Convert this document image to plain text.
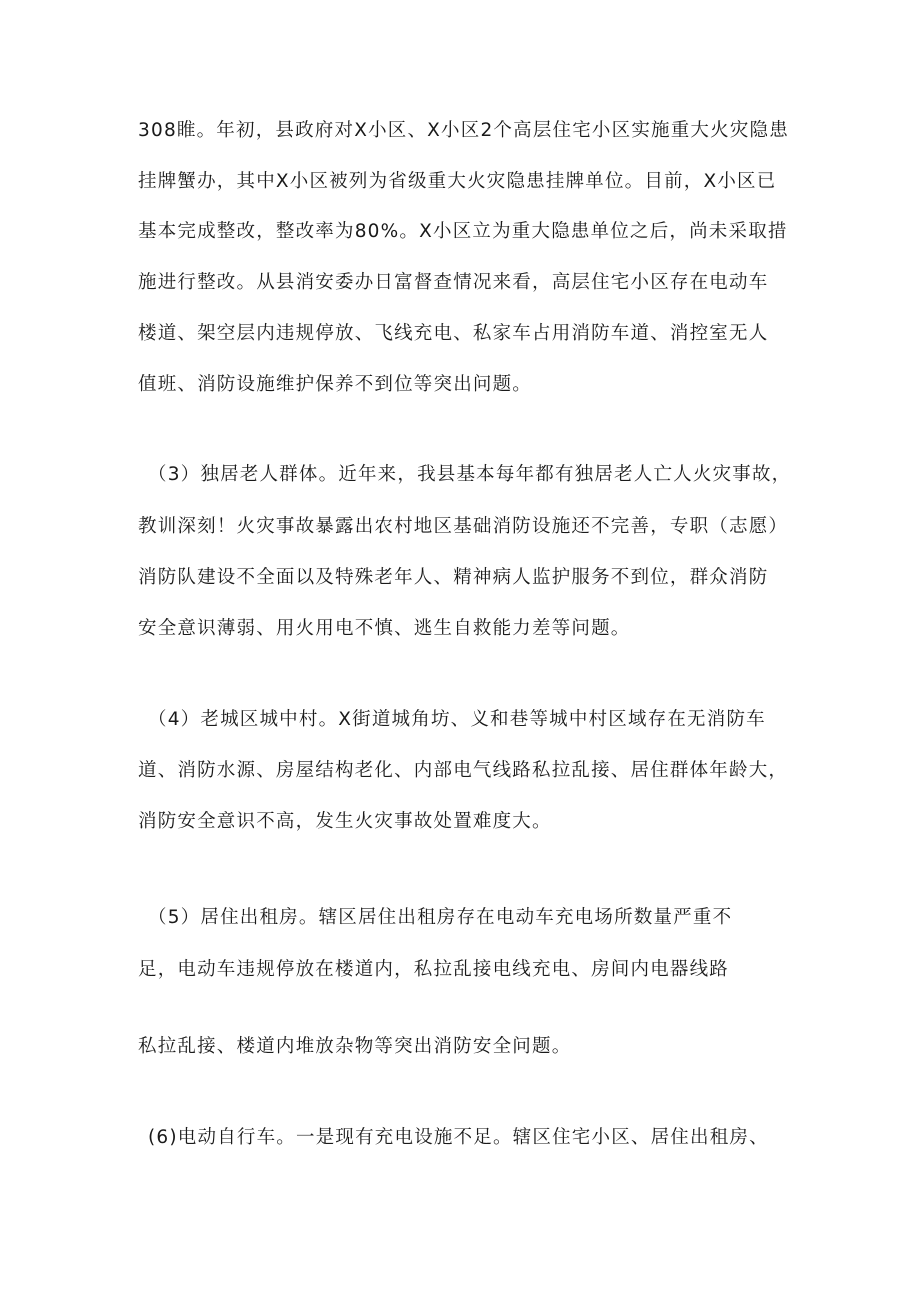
308睢。年初，县政府对X小区、X小区2个高层住宅小区实施重大火灾隐患
挂牌蟹办，其中X小区被列为省级重大火灾隐患挂牌单位。目前，X小区已
基本完成整改，整改率为80%。X小区立为重大隐患单位之后，尚未采取措
施进行整改。从县消安委办日富督查情况来看，高层住宅小区存在电动车
楼道、架空层内违规停放、飞线充电、私家车占用消防车道、消控室无人
值班、消防设施维护保养不到位等突出问题。
（3）独居老人群体。近年来，我县基本每年都有独居老人亡人火灾事故，
教训深刻！火灾事故暴露出农村地区基础消防设施还不完善，专职（志愿）
消防队建设不全面以及特殊老年人、精神病人监护服务不到位，群众消防
安全意识薄弱、用火用电不慎、逃生自救能力差等问题。
（4）老城区城中村。X街道城角坊、义和巷等城中村区域存在无消防车
道、消防水源、房屋结构老化、内部电气线路私拉乱接、居住群体年龄大，
消防安全意识不高，发生火灾事故处置难度大。
（5）居住出租房。辖区居住出租房存在电动车充电场所数量严重不
足，电动车违规停放在楼道内，私拉乱接电线充电、房间内电器线路
私拉乱接、楼道内堆放杂物等突出消防安全问题。
(6)电动自行车。一是现有充电设施不足。辖区住宅小区、居住出租房、
